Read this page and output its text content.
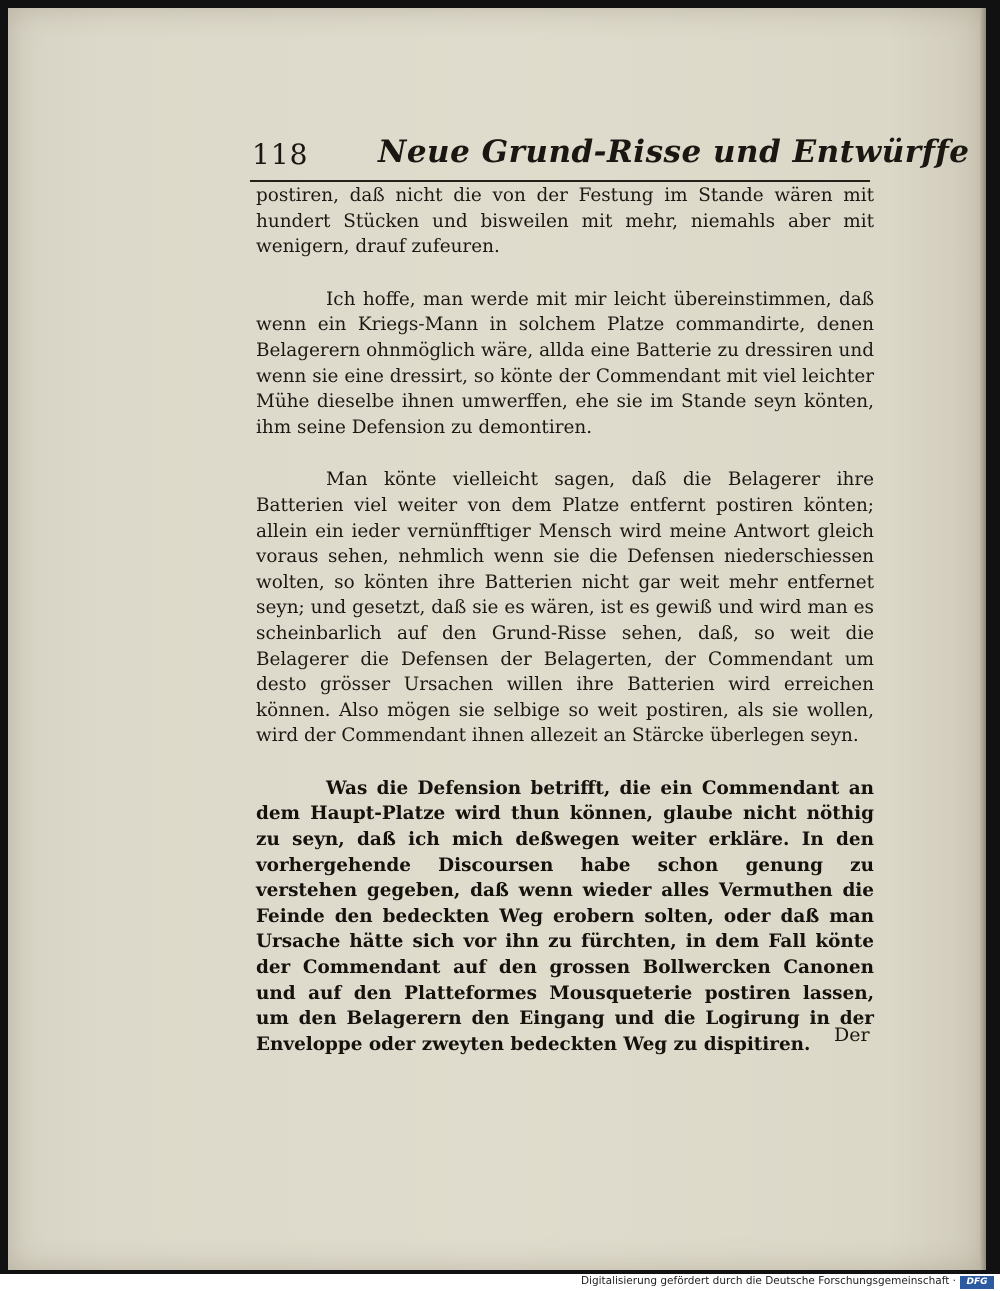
118 Neue Grund-Risse und Entwürffe

postiren, daß nicht die von der Festung im Stande wären mit hundert Stücken und bisweilen mit mehr, niemahls aber mit wenigern, drauf zufeuren.

Ich hoffe, man werde mit mir leicht übereinstimmen, daß wenn ein Kriegs-Mann in solchem Platze commandirte, denen Belagerern ohnmöglich wäre, allda eine Batterie zu dressiren und wenn sie eine dressirt, so könte der Commendant mit viel leichter Mühe dieselbe ihnen umwerffen, ehe sie im Stande seyn könten, ihm seine Defension zu demontiren.

Man könte vielleicht sagen, daß die Belagerer ihre Batterien viel weiter von dem Platze entfernt postiren könten; allein ein ieder vernünfftiger Mensch wird meine Antwort gleich voraus sehen, nehmlich wenn sie die Defensen niederschiessen wolten, so könten ihre Batterien nicht gar weit mehr entfernet seyn; und gesetzt, daß sie es wären, ist es gewiß und wird man es scheinbarlich auf den Grund-Risse sehen, daß, so weit die Belagerer die Defensen der Belagerten, der Commendant um desto grösser Ursachen willen ihre Batterien wird erreichen können. Also mögen sie selbige so weit postiren, als sie wollen, wird der Commendant ihnen allezeit an Stärcke überlegen seyn.

Was die Defension betrifft, die ein Commendant an dem Haupt-Platze wird thun können, glaube nicht nöthig zu seyn, daß ich mich deßwegen weiter erkläre. In den vorhergehende Discoursen habe schon genung zu verstehen gegeben, daß wenn wieder alles Vermuthen die Feinde den bedeckten Weg erobern solten, oder daß man Ursache hätte sich vor ihn zu fürchten, in dem Fall könte der Commendant auf den grossen Bollwercken Canonen und auf den Platteformes Mousqueterie postiren lassen, um den Belagerern den Eingang und die Logirung in der Enveloppe oder zweyten bedeckten Weg zu dispitiren.	Der
Digitalisierung gefördert durch die Deutsche Forschungsgemeinschaft ·	DFG
